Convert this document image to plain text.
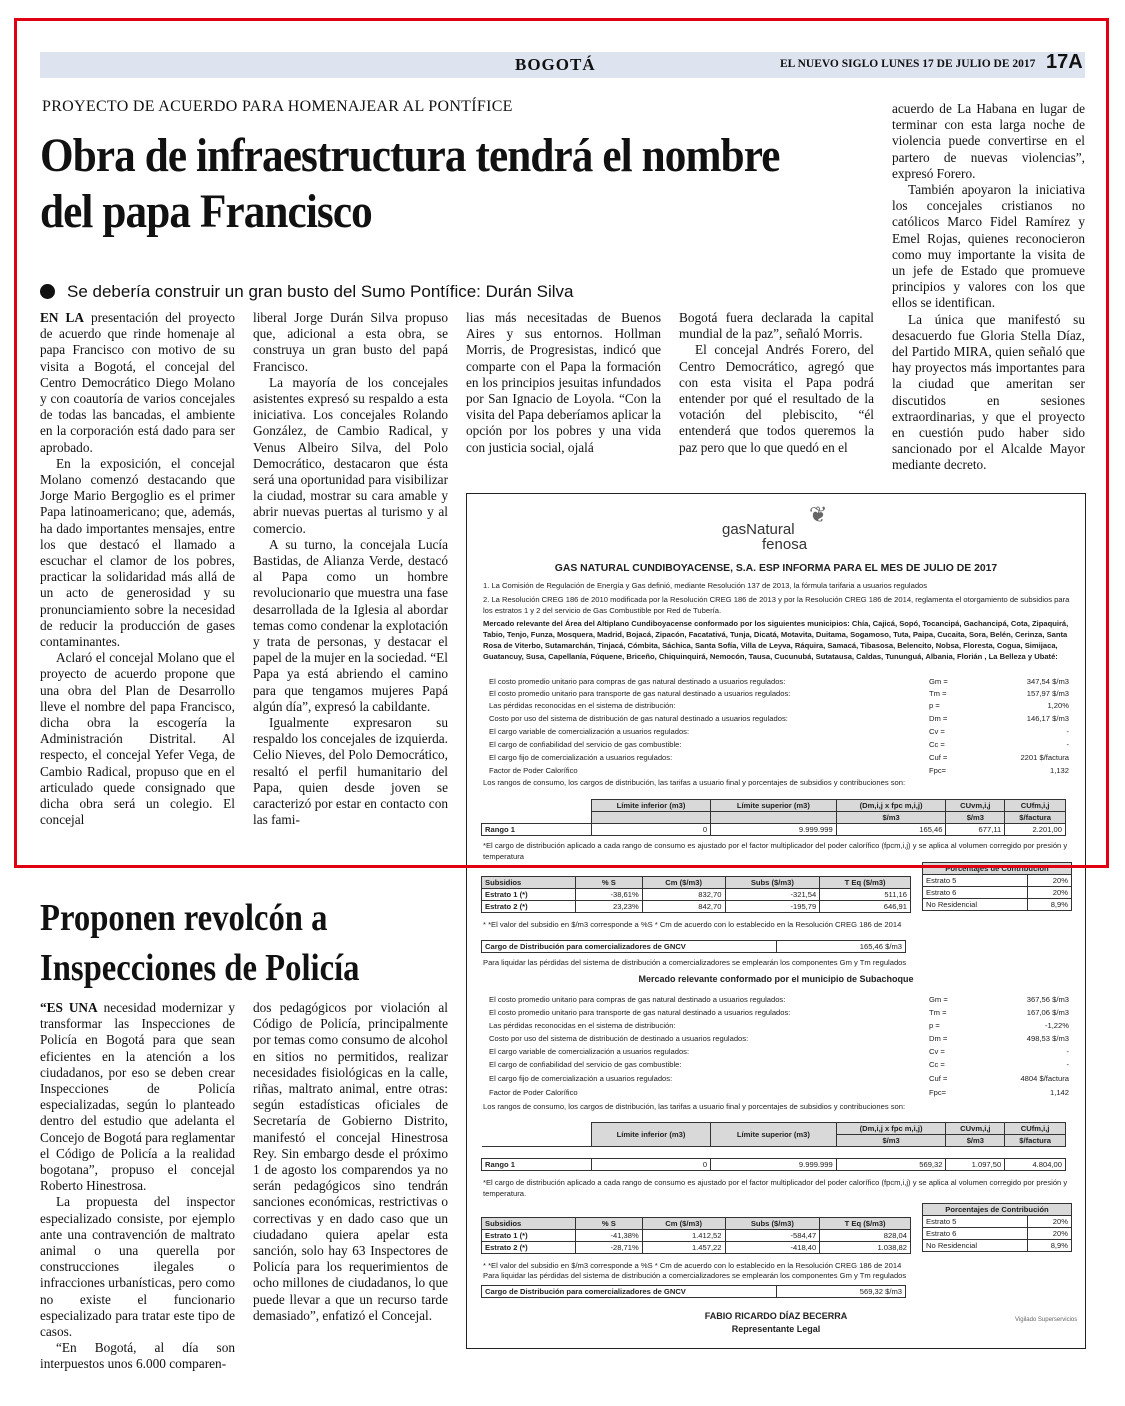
BOGOTÁ	EL NUEVO SIGLO LUNES 17 DE JULIO DE 2017 17A
PROYECTO DE ACUERDO PARA HOMENAJEAR AL PONTÍFICE
Obra de infraestructura tendrá el nombre del papa Francisco
Se debería construir un gran busto del Sumo Pontífice: Durán Silva

EN LA presentación del proyecto de acuerdo que rinde homenaje al papa Francisco con motivo de su visita a Bogotá, el concejal del Centro Democrático Diego Molano y con coautoría de varios concejales de todas las bancadas, el ambiente en la corporación está dado para ser aprobado.

En la exposición, el concejal Molano comenzó destacando que Jorge Mario Bergoglio es el primer Papa latinoamericano; que, además, ha dado importantes mensajes, entre los que destacó el llamado a escuchar el clamor de los pobres, practicar la solidaridad más allá de un acto de generosidad y su pronunciamiento sobre la necesidad de reducir la producción de gases contaminantes.

Aclaró el concejal Molano que el proyecto de acuerdo propone que una obra del Plan de Desarrollo lleve el nombre del papa Francisco, dicha obra la escogería la Administración Distrital. Al respecto, el concejal Yefer Vega, de Cambio Radical, propuso que en el articulado quede consignado que dicha obra será un colegio. El concejal

liberal Jorge Durán Silva propuso que, adicional a esta obra, se construya un gran busto del papá Francisco.

La mayoría de los concejales asistentes expresó su respaldo a esta iniciativa. Los concejales Rolando González, de Cambio Radical, y Venus Albeiro Silva, del Polo Democrático, destacaron que ésta será una oportunidad para visibilizar la ciudad, mostrar su cara amable y abrir nuevas puertas al turismo y al comercio.

A su turno, la concejala Lucía Bastidas, de Alianza Verde, destacó al Papa como un hombre revolucionario que muestra una fase desarrollada de la Iglesia al abordar temas como condenar la explotación y trata de personas, y destacar el papel de la mujer en la sociedad. “El Papa ya está abriendo el camino para que tengamos mujeres Papá algún día”, expresó la cabildante.

Igualmente expresaron su respaldo los concejales de izquierda. Celio Nieves, del Polo Democrático, resaltó el perfil humanitario del Papa, quien desde joven se caracterizó por estar en contacto con las fami-

lias más necesitadas de Buenos Aires y sus entornos. Hollman Morris, de Progresistas, indicó que comparte con el Papa la formación en los principios jesuitas infundados por San Ignacio de Loyola. “Con la visita del Papa deberíamos aplicar la opción por los pobres y una vida con justicia social, ojalá

Bogotá fuera declarada la capital mundial de la paz”, señaló Morris.

El concejal Andrés Forero, del Centro Democrático, agregó que con esta visita el Papa podrá entender por qué el resultado de la votación del plebiscito, “él entenderá que todos queremos la paz pero que lo que quedó en el

acuerdo de La Habana en lugar de terminar con esta larga noche de violencia puede convertirse en el partero de nuevas violencias”, expresó Forero.

También apoyaron la iniciativa los concejales cristianos no católicos Marco Fidel Ramírez y Emel Rojas, quienes reconocieron como muy importante la visita de un jefe de Estado que promueve principios y valores con los que ellos se identifican.

La única que manifestó su desacuerdo fue Gloria Stella Díaz, del Partido MIRA, quien señaló que hay proyectos más importantes para la ciudad que ameritan ser discutidos en sesiones extraordinarias, y que el proyecto en cuestión pudo haber sido sancionado por el Alcalde Mayor mediante decreto.

Proponen revolcón a Inspecciones de Policía

“ES UNA necesidad modernizar y transformar las Inspecciones de Policía en Bogotá para que sean eficientes en la atención a los ciudadanos, por eso se deben crear Inspecciones de Policía especializadas, según lo planteado dentro del estudio que adelanta el Concejo de Bogotá para reglamentar el Código de Policía a la realidad bogotana”, propuso el concejal Roberto Hinestrosa.

La propuesta del inspector especializado consiste, por ejemplo ante una contravención de maltrato animal o una querella por construcciones ilegales o infracciones urbanísticas, pero como no existe el funcionario especializado para tratar este tipo de casos.

“En Bogotá, al día son interpuestos unos 6.000 comparen-

dos pedagógicos por violación al Código de Policía, principalmente por temas como consumo de alcohol en sitios no permitidos, realizar necesidades fisiológicas en la calle, riñas, maltrato animal, entre otras: según estadísticas oficiales de Secretaría de Gobierno Distrito, manifestó el concejal Hinestrosa Rey. Sin embargo desde el próximo 1 de agosto los comparendos ya no serán pedagógicos sino tendrán sanciones económicas, restrictivas o correctivas y en dado caso que un ciudadano quiera apelar esta sanción, solo hay 63 Inspectores de Policía para los requerimientos de ocho millones de ciudadanos, lo que puede llevar a que un recurso tarde demasiado”, enfatizó el Concejal.

gasNatural
fenosa
❦
GAS NATURAL CUNDIBOYACENSE, S.A. ESP INFORMA PARA EL MES DE JULIO DE 2017
1. La Comisión de Regulación de Energía y Gas definió, mediante Resolución 137 de 2013, la fórmula tarifaria a usuarios regulados
2. La Resolución CREG 186 de 2010 modificada por la Resolución CREG 186 de 2013 y por la Resolución CREG 186 de 2014, reglamenta el otorgamiento de subsidios para los estratos 1 y 2 del servicio de Gas Combustible por Red de Tubería.
Mercado relevante del Área del Altiplano Cundiboyacense conformado por los siguientes municipios: Chía, Cajicá, Sopó, Tocancipá, Gachancipá, Cota, Zipaquirá, Tabio, Tenjo, Funza, Mosquera, Madrid, Bojacá, Zipacón, Facatativá, Tunja, Dicatá, Motavita, Duitama, Sogamoso, Tuta, Paipa, Cucaita, Sora, Belén, Cerinza, Santa Rosa de Viterbo, Sutamarchán, Tinjacá, Cómbita, Sáchica, Santa Sofía, Villa de Leyva, Ráquira, Samacá, Tibasosa, Belencito, Nobsa, Floresta, Cogua, Simijaca, Guatancuy, Susa, Capellanía, Fúquene, Briceño, Chiquinquirá, Nemocón, Tausa, Cucunubá, Sutatausa, Caldas, Tununguá, Albania, Florián , La Belleza y Ubaté:
El costo promedio unitario para compras de gas natural destinado a usuarios regulados:	Gm =	347,54 $/m3
El costo promedio unitario para transporte de gas natural destinado a usuarios regulados:	Tm =	157,97 $/m3
Las pérdidas reconocidas en el sistema de distribución:	p =	1,20%
Costo por uso del sistema de distribución de gas natural destinado a usuarios regulados:	Dm =	146,17 $/m3
El cargo variable de comercialización a usuarios regulados:	Cv =	-
El cargo de confiabilidad del servicio de gas combustible:	Cc =	-
El cargo fijo de comercialización a usuarios regulados:	Cuf =	2201 $/factura
Factor de Poder Calorífico	Fpc=	1,132
Los rangos de consumo, los cargos de distribución, las tarifas a usuario final y porcentajes de subsidios y contribuciones son:
	Límite inferior (m3)	Límite superior (m3)	(Dm,i,j x fpc m,i,j)	CUvm,i,j	CUfm,i,j
			$/m3	$/m3	$/factura
Rango 1	0	9.999.999	165,46	677,11	2.201,00
*El cargo de distribución aplicado a cada rango de consumo es ajustado por el factor multiplicador del poder calorífico (fpcm,i,j) y se aplica al volumen corregido por presión y temperatura
Subsidios	% S	Cm ($/m3)	Subs ($/m3)	T Eq ($/m3)
Estrato 1 (*)	-38,61%	832,70	-321,54	511,16
Estrato 2 (*)	23,23%	842,70	-195,79	646,91
Porcentajes de Contribución	
Estrato 5	20%
Estrato 6	20%
No Residencial	8,9%
* *El valor del subsidio en $/m3 corresponde a %S * Cm de acuerdo con lo establecido en la Resolución CREG 186 de 2014
Cargo de Distribución para comercializadores de GNCV	165,46 $/m3
Para liquidar las pérdidas del sistema de distribución a comercializadores se emplearán los componentes Gm y Tm regulados
Mercado relevante conformado por el municipio de Subachoque
El costo promedio unitario para compras de gas natural destinado a usuarios regulados:	Gm =	367,56 $/m3
El costo promedio unitario para transporte de gas natural destinado a usuarios regulados:	Tm =	167,06 $/m3
Las pérdidas reconocidas en el sistema de distribución:	p =	-1,22%
Costo por uso del sistema de distribución de destinado a usuarios regulados:	Dm =	498,53 $/m3
El cargo variable de comercialización a usuarios regulados:	Cv =	-
El cargo de confiabilidad del servicio de gas combustible:	Cc =	-
El cargo fijo de comercialización a usuarios regulados:	Cuf =	4804 $/factura
Factor de Poder Calorífico	Fpc=	1,142
Los rangos de consumo, los cargos de distribución, las tarifas a usuario final y porcentajes de subsidios y contribuciones son:
	Límite inferior (m3)	Límite superior (m3)	(Dm,i,j x fpc m,i,j)	CUvm,i,j	CUfm,i,j
			$/m3	$/m3	$/factura

Rango 1	0	9.999.999	569,32	1.097,50	4.804,00
*El cargo de distribución aplicado a cada rango de consumo es ajustado por el factor multiplicador del poder calorífico (fpcm,i,j) y se aplica al volumen corregido por presión y temperatura.
Subsidios	% S	Cm ($/m3)	Subs ($/m3)	T Eq ($/m3)
Estrato 1 (*)	-41,38%	1.412,52	-584,47	828,04
Estrato 2 (*)	-28,71%	1.457,22	-418,40	1.038,82
Porcentajes de Contribución	
Estrato 5	20%
Estrato 6	20%
No Residencial	8,9%
* *El valor del subsidio en $/m3 corresponde a %S * Cm de acuerdo con lo establecido en la Resolución CREG 186 de 2014
Para liquidar las pérdidas del sistema de distribución a comercializadores se emplearán los componentes Gm y Tm regulados
Cargo de Distribución para comercializadores de GNCV	569,32 $/m3
FABIO RICARDO DÍAZ BECERRA
Representante Legal
Vigilado Superservicios
